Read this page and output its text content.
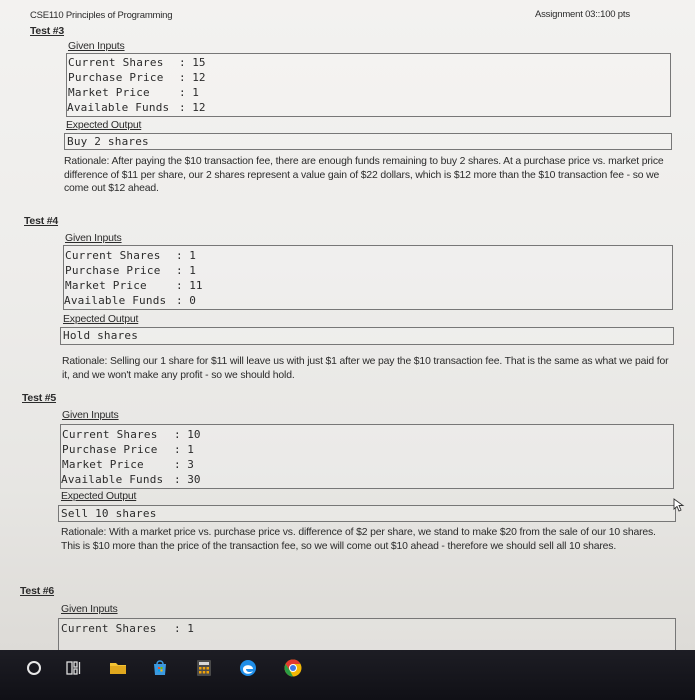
CSE110 Principles of Programming	Assignment 03::100 pts
Test #3
Given Inputs
Current Shares : 15
Purchase Price : 12
Market Price	: 1
Available Funds : 12
Expected Output
Buy 2 shares
Rationale: After paying the $10 transaction fee, there are enough funds remaining to buy 2 shares. At a purchase price vs. market price difference of $11 per share, our 2 shares represent a value gain of $22 dollars, which is $12 more than the $10 transaction fee - so we come out $12 ahead.
Test #4
Given Inputs
Current Shares : 1
Purchase Price : 1
Market Price	: 11
Available Funds : 0
Expected Output
Hold shares
Rationale: Selling our 1 share for $11 will leave us with just $1 after we pay the $10 transaction fee. That is the same as what we paid for it, and we won't make any profit - so we should hold.
Test #5
Given Inputs
Current Shares : 10
Purchase Price : 1
Market Price	: 3
Available Funds : 30
Expected Output
Sell 10 shares
Rationale: With a market price vs. purchase price vs. difference of $2 per share, we stand to make $20 from the sale of our 10 shares. This is $10 more than the price of the transaction fee, so we will come out $10 ahead - therefore we should sell all 10 shares.
Test #6
Given Inputs
Current Shares : 1
